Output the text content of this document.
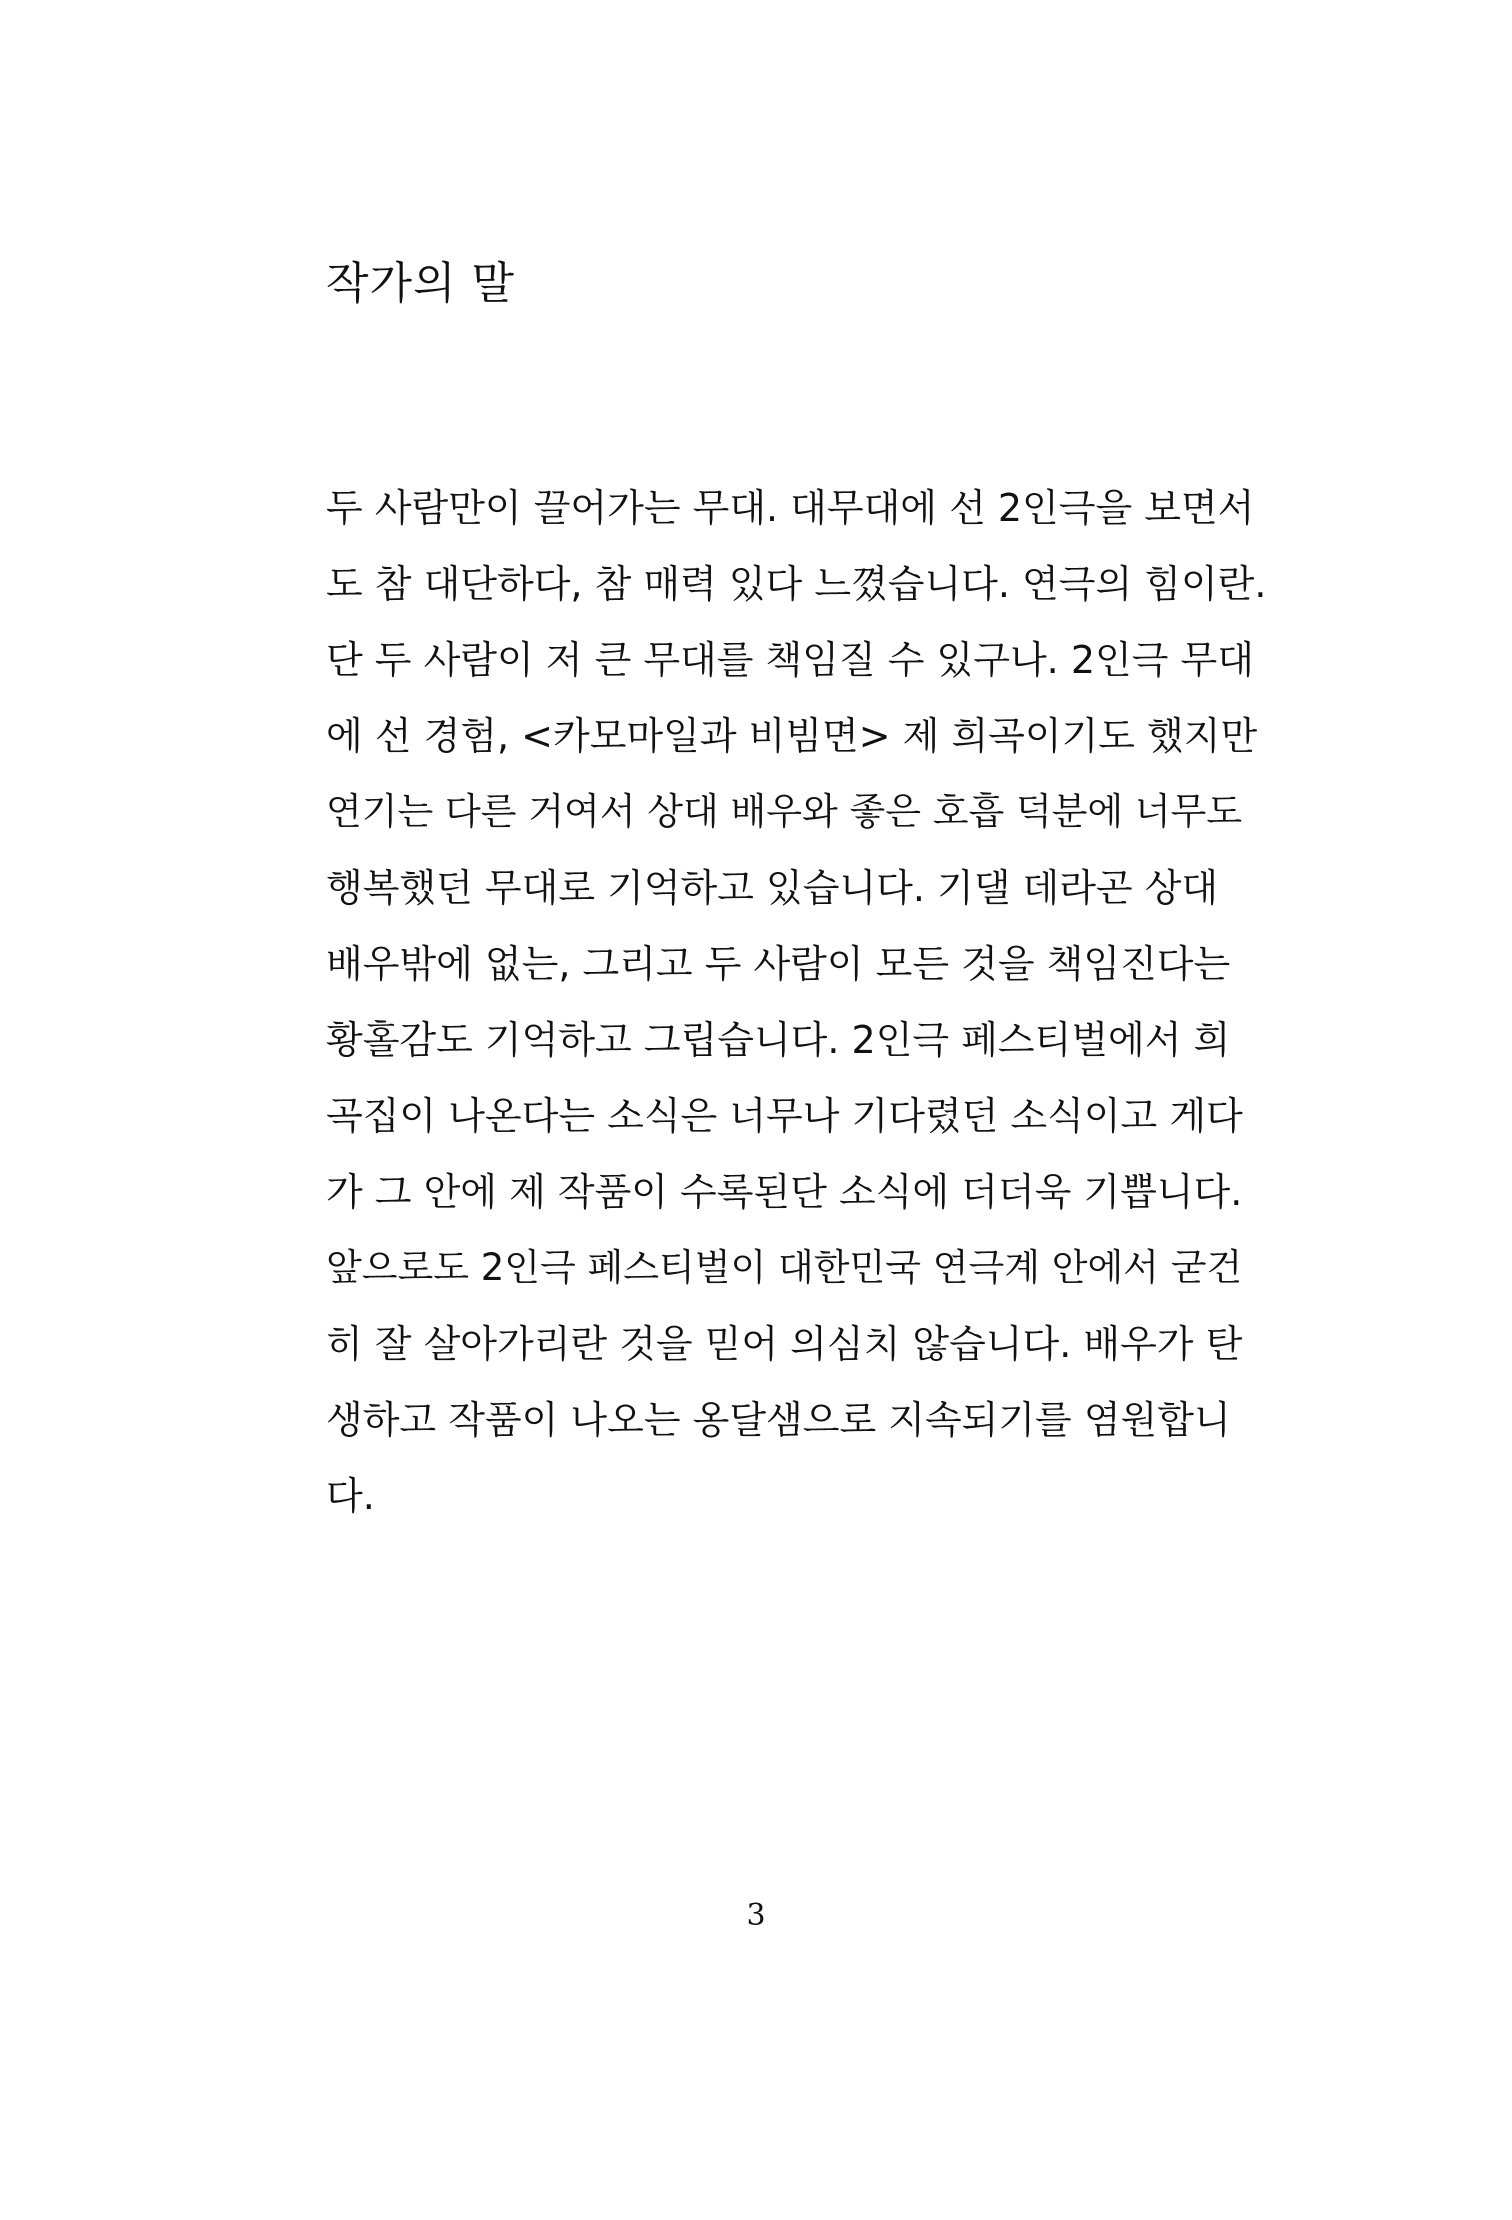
작가의 말
두 사람만이 끌어가는 무대. 대무대에 선 2인극을 보면서
도 참 대단하다, 참 매력 있다 느꼈습니다. 연극의 힘이란.
단 두 사람이 저 큰 무대를 책임질 수 있구나. 2인극 무대
에 선 경험, <카모마일과 비빔면> 제 희곡이기도 했지만
연기는 다른 거여서 상대 배우와 좋은 호흡 덕분에 너무도
행복했던 무대로 기억하고 있습니다. 기댈 데라곤 상대
배우밖에 없는, 그리고 두 사람이 모든 것을 책임진다는
황홀감도 기억하고 그립습니다. 2인극 페스티벌에서 희
곡집이 나온다는 소식은 너무나 기다렸던 소식이고 게다
가 그 안에 제 작품이 수록된단 소식에 더더욱 기쁩니다.
앞으로도 2인극 페스티벌이 대한민국 연극계 안에서 굳건
히 잘 살아가리란 것을 믿어 의심치 않습니다. 배우가 탄
생하고 작품이 나오는 옹달샘으로 지속되기를 염원합니
다.
3
